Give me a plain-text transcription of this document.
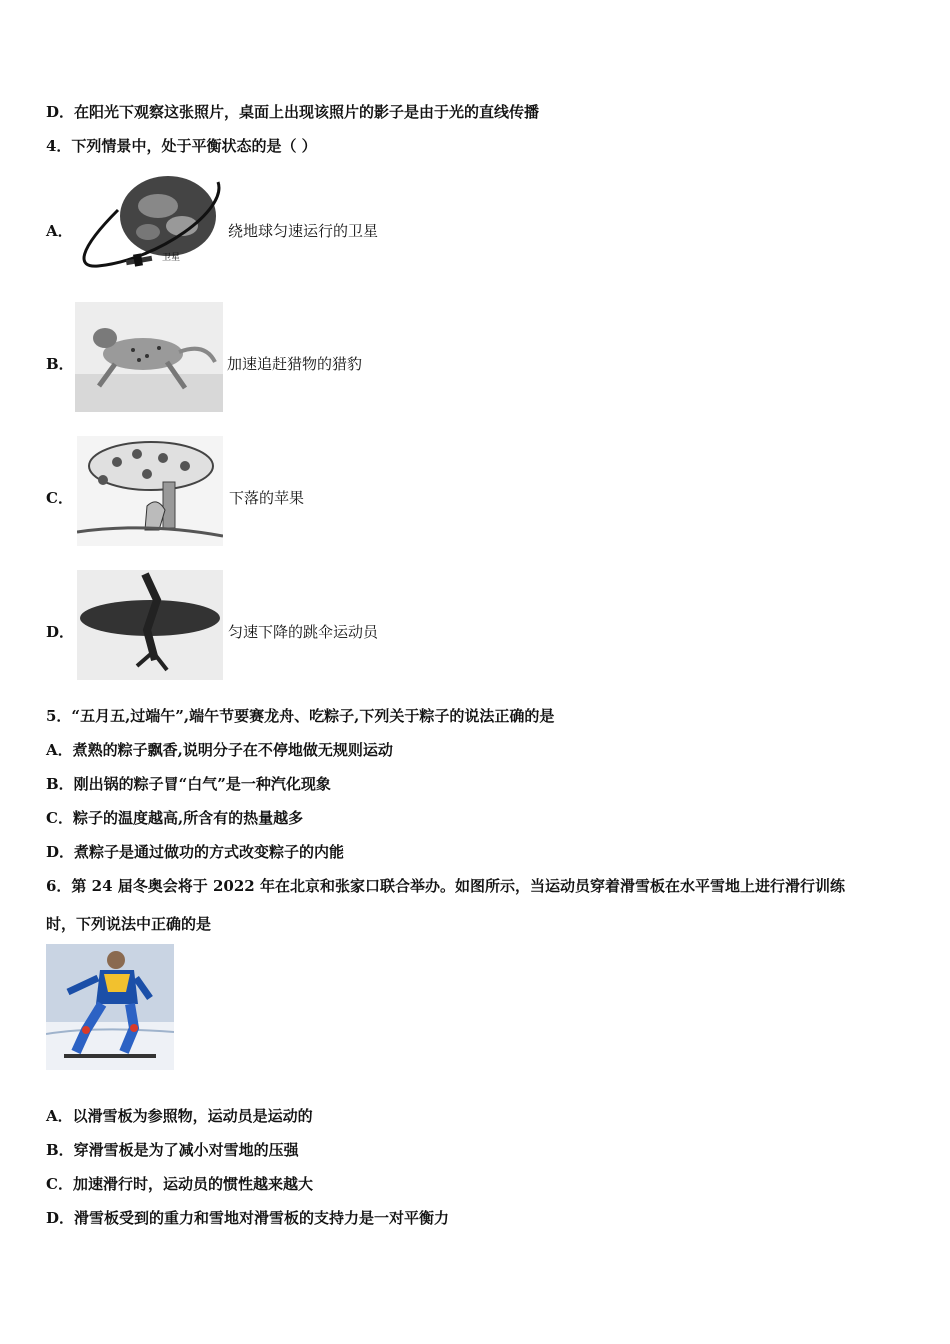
D．在阳光下观察这张照片，桌面上出现该照片的影子是由于光的直线传播
4．下列情景中，处于平衡状态的是（ ）
A．
卫星
绕地球匀速运行的卫星
B．	加速追赶猎物的猎豹
C．	下落的苹果
D．	匀速下降的跳伞运动员
5．“五月五,过端午”,端午节要赛龙舟、吃粽子,下列关于粽子的说法正确的是
A．煮熟的粽子飘香,说明分子在不停地做无规则运动
B．刚出锅的粽子冒“白气”是一种汽化现象
C．粽子的温度越高,所含有的热量越多
D．煮粽子是通过做功的方式改变粽子的内能
6．第 24 届冬奥会将于 2022 年在北京和张家口联合举办。如图所示，当运动员穿着滑雪板在水平雪地上进行滑行训练
时，下列说法中正确的是
A．以滑雪板为参照物，运动员是运动的
B．穿滑雪板是为了减小对雪地的压强
C．加速滑行时，运动员的惯性越来越大
D．滑雪板受到的重力和雪地对滑雪板的支持力是一对平衡力
